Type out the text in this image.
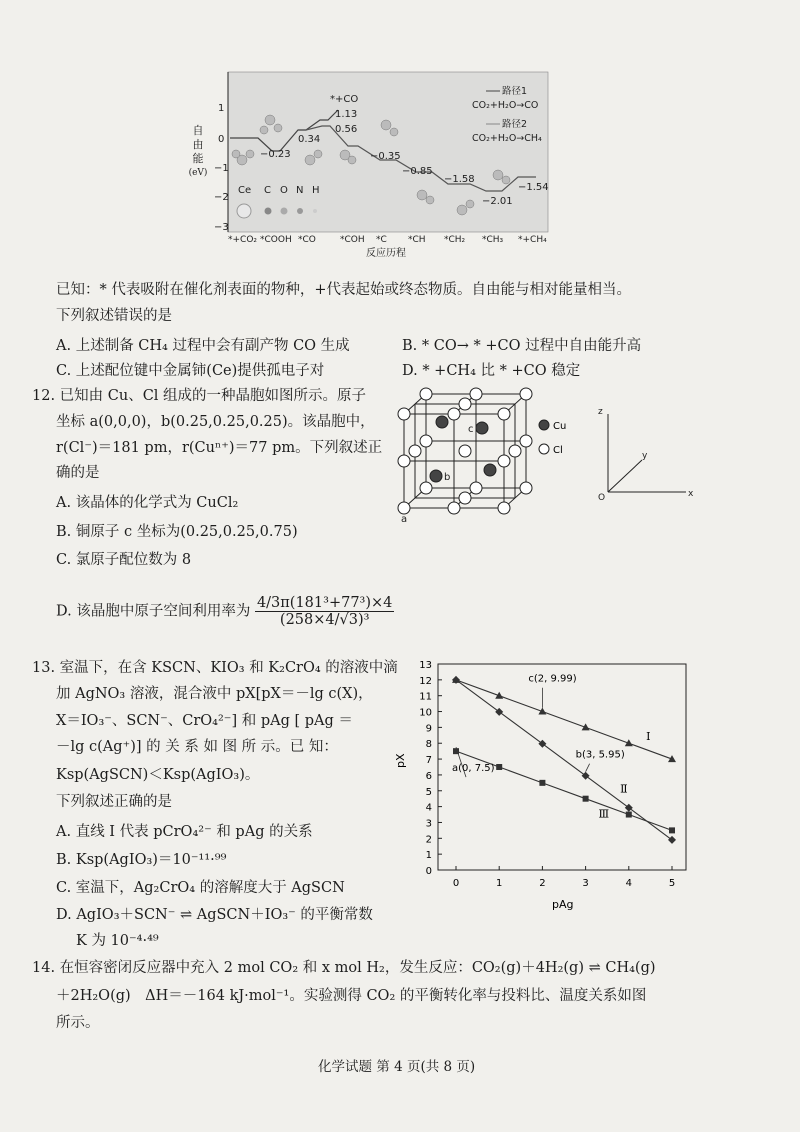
1
0
−1
−2
−3
−0.23
0.34
*+CO
1.13
0.56
−0.35
−0.85
−1.58
−2.01
−1.54
Ce C O N H
路径1
CO₂+H₂O→CO
路径2
CO₂+H₂O→CH₄
*+CO₂ *COOH *CO	*COH *C *CH *CH₂ *CH₃ *+CH₄
反应历程
自
由
能
(eV)
已知：* 代表吸附在催化剂表面的物种，+代表起始或终态物质。自由能与相对能量相当。
下列叙述错误的是
A. 上述制备 CH₄ 过程中会有副产物 CO 生成	B. * CO→ * +CO 过程中自由能升高
C. 上述配位键中金属铈(Ce)提供孤电子对	D. * +CH₄ 比 * +CO 稳定
12. 已知由 Cu、Cl 组成的一种晶胞如图所示。原子
坐标 a(0,0,0)，b(0.25,0.25,0.25)。该晶胞中，
r(Cl⁻)＝181 pm，r(Cuⁿ⁺)＝77 pm。下列叙述正
确的是
A. 该晶体的化学式为 CuCl₂
B. 铜原子 c 坐标为(0.25,0.25,0.75)
C. 氯原子配位数为 8
D. 该晶胞中原子空间利用率为 $\frac{\text{4/3π(181³+77³)×4}}{\text{(258×4/√3)³}}$
a
b
c	Cu
Cl
x
y
z
O
13. 室温下，在含 KSCN、KIO₃ 和 K₂CrO₄ 的溶液中滴
加 AgNO₃ 溶液，混合液中 pX[pX＝－lg c(X)，
X＝IO₃⁻、SCN⁻、CrO₄²⁻] 和 pAg [ pAg ＝
－lg c(Ag⁺)] 的 关 系 如 图 所 示。已 知：
Ksp(AgSCN)＜Ksp(AgIO₃)。
下列叙述正确的是
A. 直线 Ⅰ 代表 pCrO₄²⁻ 和 pAg 的关系
B. Ksp(AgIO₃)＝10⁻¹¹·⁹⁹
C. 室温下，Ag₂CrO₄ 的溶解度大于 AgSCN
D. AgIO₃＋SCN⁻ ⇌ AgSCN＋IO₃⁻ 的平衡常数
K 为 10⁻⁴·⁴⁹
0
1
2
3
4
5
6
7
8
9
10
11
12
13
0	1	2	3	4	5
Ⅰ
Ⅱ
Ⅲ
c(2, 9.99)
b(3, 5.95)
a(0, 7.5)
pAg
pX
14. 在恒容密闭反应器中充入 2 mol CO₂ 和 x mol H₂，发生反应：CO₂(g)＋4H₂(g) ⇌ CH₄(g)
＋2H₂O(g)　ΔH＝－164 kJ·mol⁻¹。实验测得 CO₂ 的平衡转化率与投料比、温度关系如图
所示。
化学试题 第 4 页(共 8 页)
